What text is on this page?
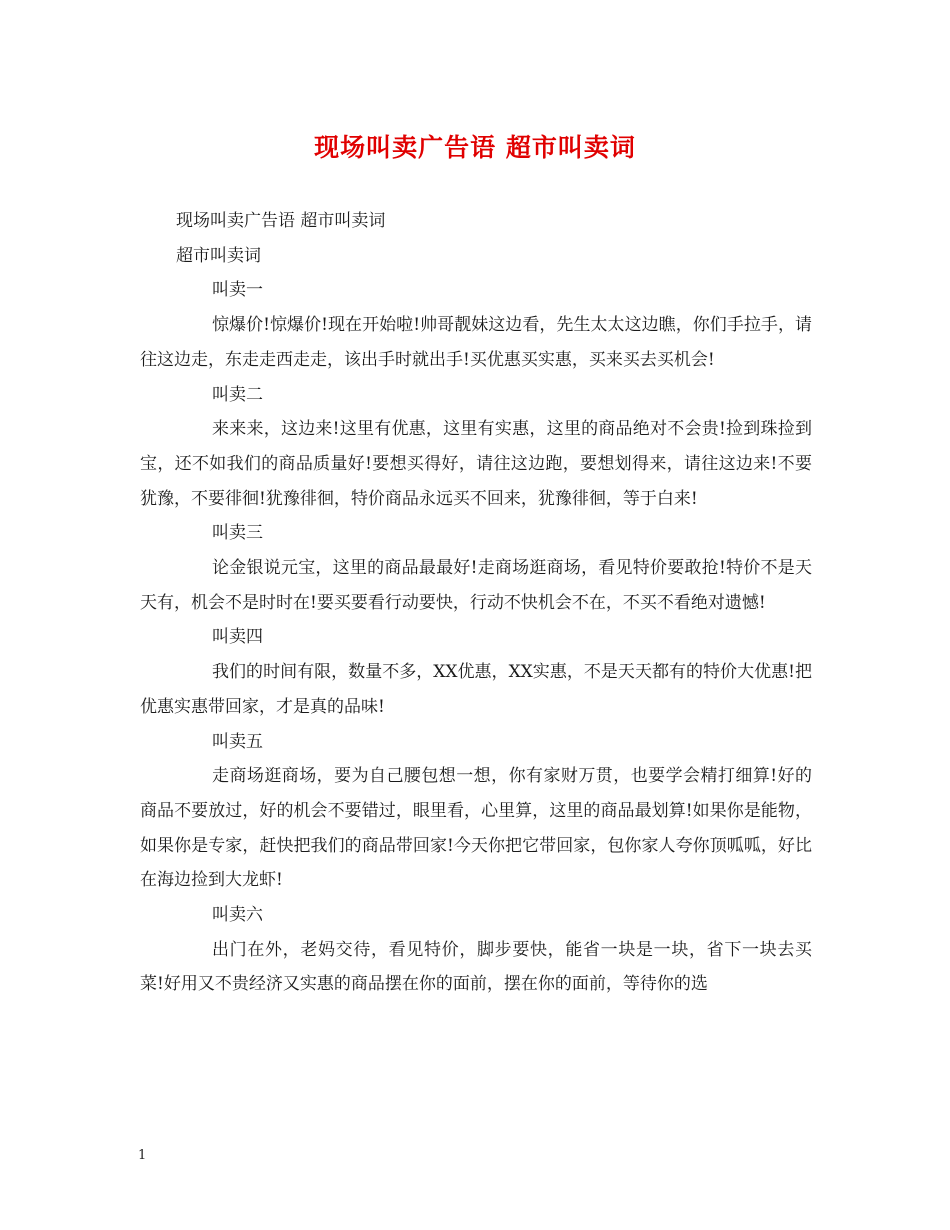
现场叫卖广告语 超市叫卖词

现场叫卖广告语 超市叫卖词

超市叫卖词

叫卖一

惊爆价!惊爆价!现在开始啦!帅哥靓妹这边看，先生太太这边瞧，你们手拉手，请往这边走，东走走西走走，该出手时就出手!买优惠买实惠，买来买去买机会!

叫卖二

来来来，这边来!这里有优惠，这里有实惠，这里的商品绝对不会贵!捡到珠捡到宝，还不如我们的商品质量好!要想买得好，请往这边跑，要想划得来，请往这边来!不要犹豫，不要徘徊!犹豫徘徊，特价商品永远买不回来，犹豫徘徊，等于白来!

叫卖三

论金银说元宝，这里的商品最最好!走商场逛商场，看见特价要敢抢!特价不是天天有，机会不是时时在!要买要看行动要快，行动不快机会不在，不买不看绝对遗憾!

叫卖四

我们的时间有限，数量不多，XX优惠，XX实惠，不是天天都有的特价大优惠!把优惠实惠带回家，才是真的品味!

叫卖五

走商场逛商场，要为自己腰包想一想，你有家财万贯，也要学会精打细算!好的商品不要放过，好的机会不要错过，眼里看，心里算，这里的商品最划算!如果你是能物，如果你是专家，赶快把我们的商品带回家!今天你把它带回家，包你家人夸你顶呱呱，好比在海边捡到大龙虾!

叫卖六

出门在外，老妈交待，看见特价，脚步要快，能省一块是一块，省下一块去买菜!好用又不贵经济又实惠的商品摆在你的面前，摆在你的面前，等待你的选

1
